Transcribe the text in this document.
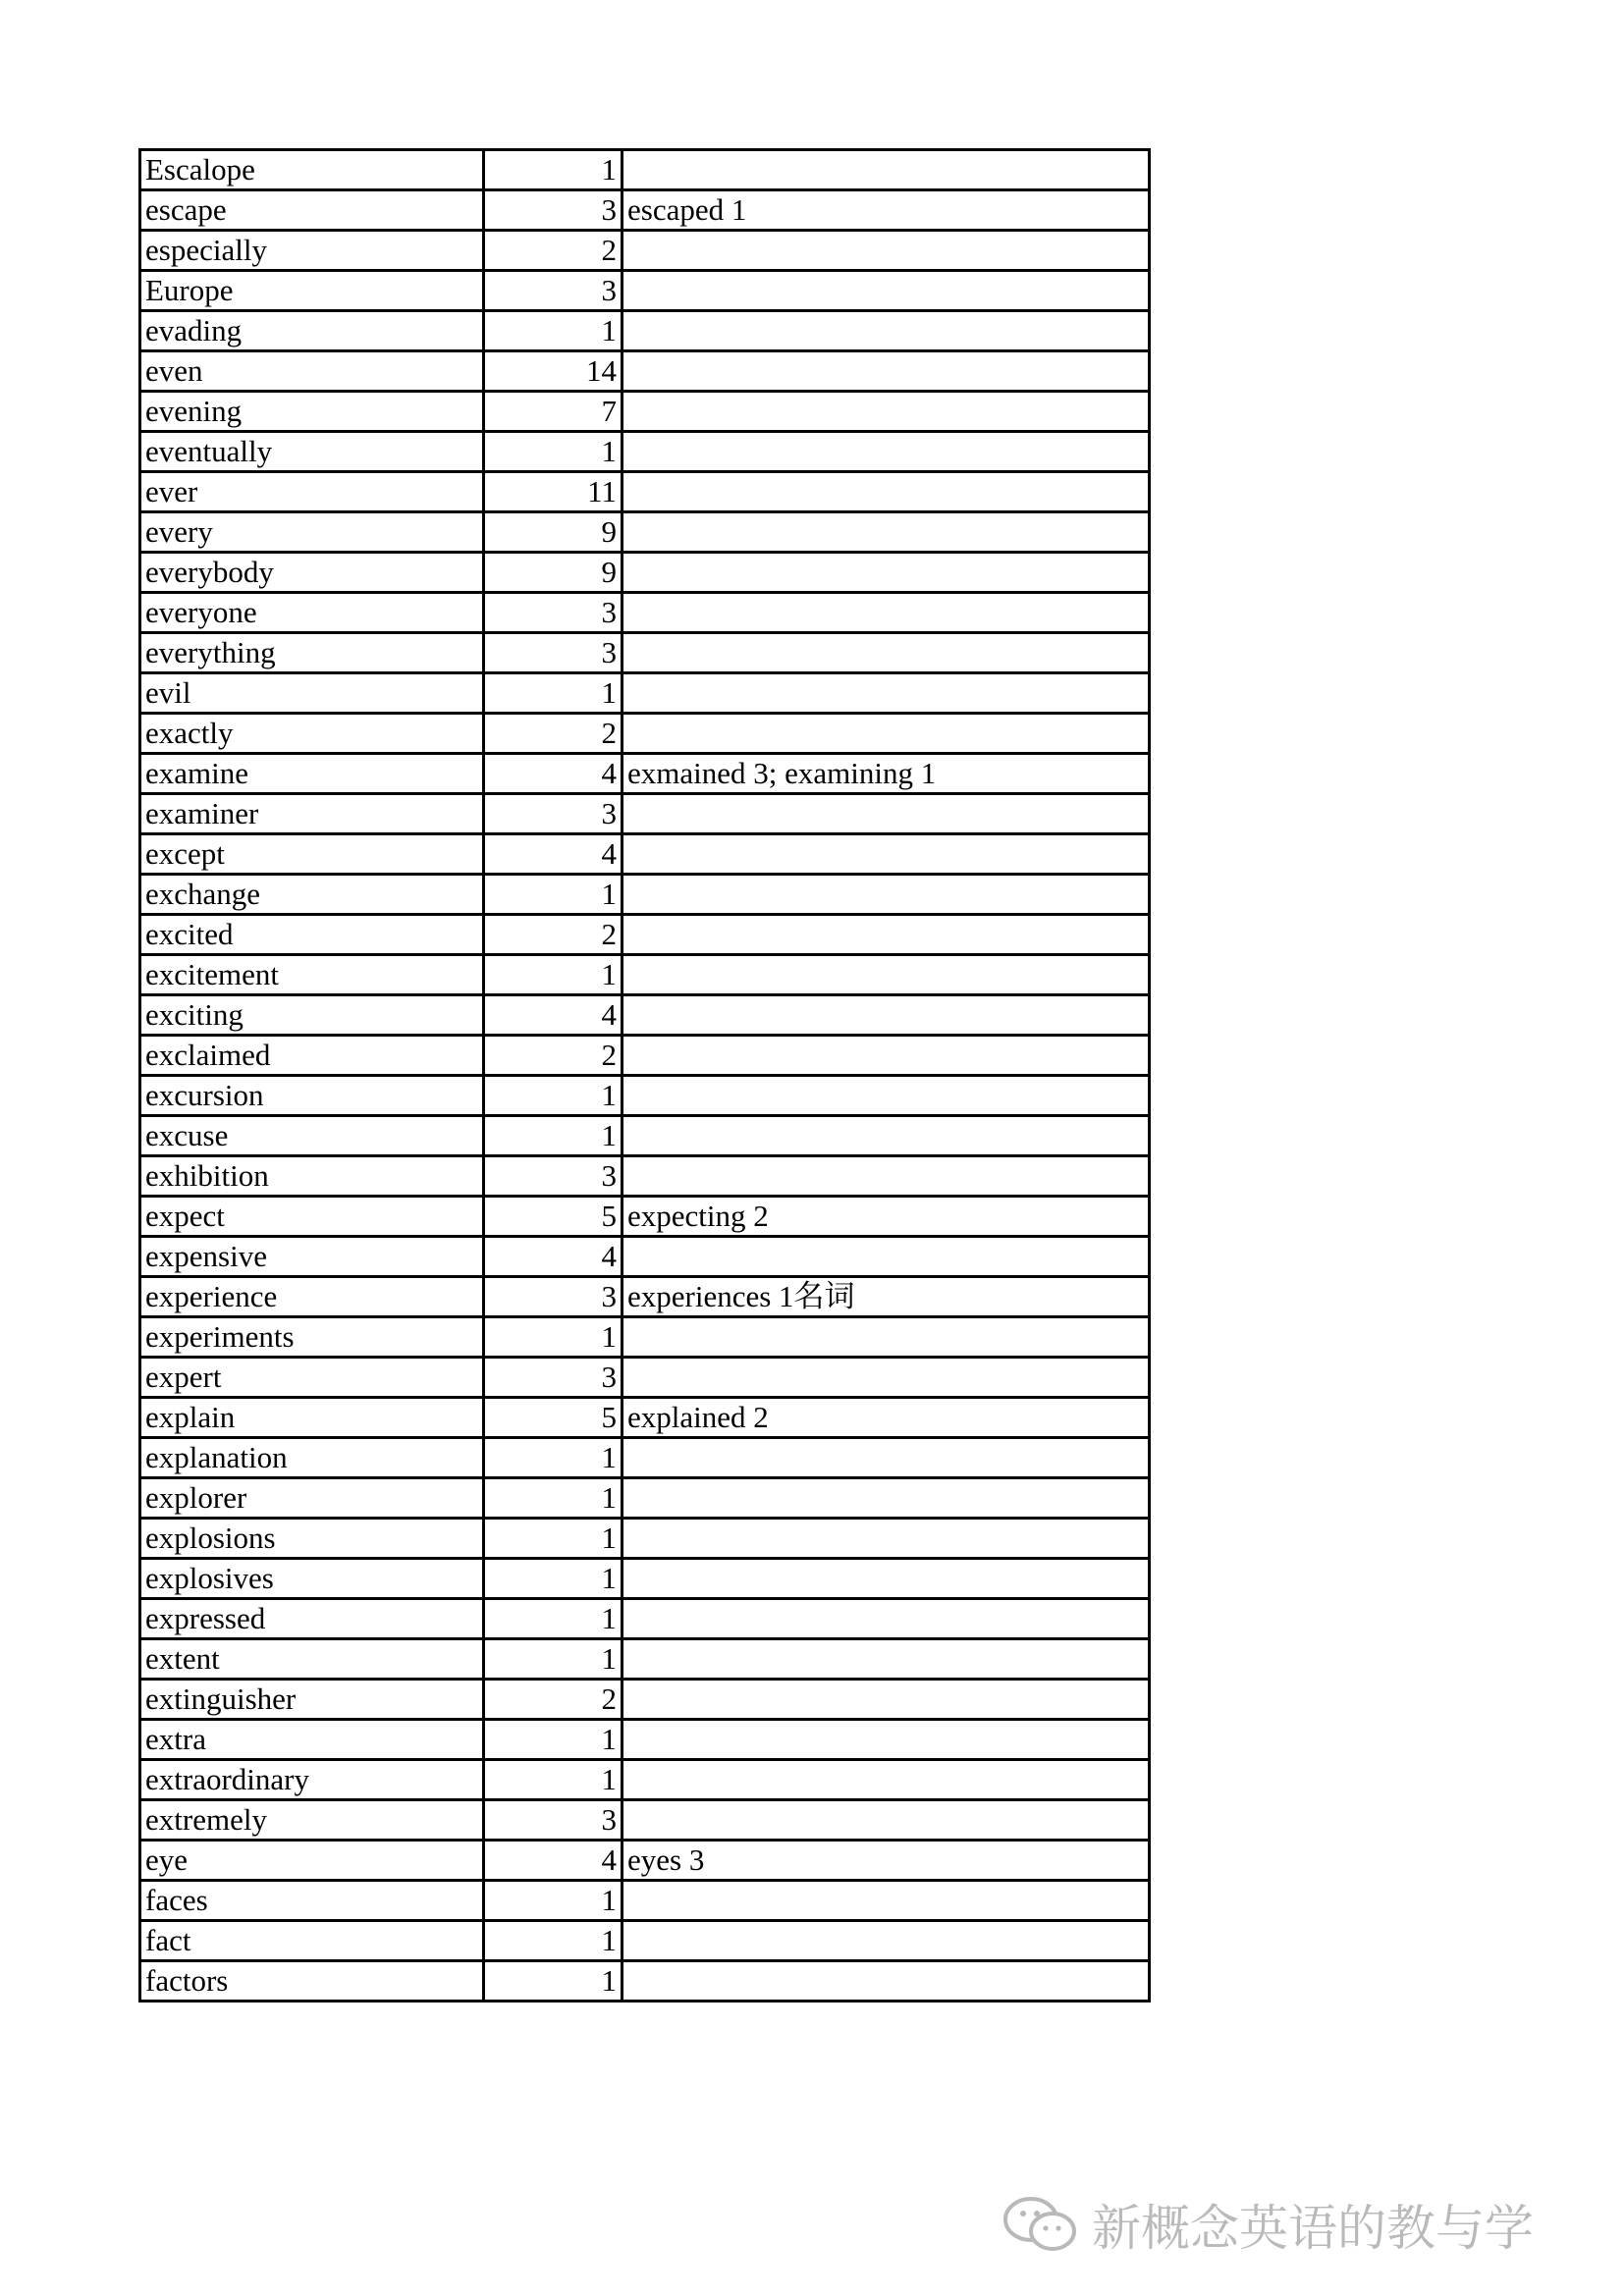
Escalope	1	
escape	3	escaped 1
especially	2	
Europe	3	
evading	1	
even	14	
evening	7	
eventually	1	
ever	11	
every	9	
everybody	9	
everyone	3	
everything	3	
evil	1	
exactly	2	
examine	4	exmained 3; examining 1
examiner	3	
except	4	
exchange	1	
excited	2	
excitement	1	
exciting	4	
exclaimed	2	
excursion	1	
excuse	1	
exhibition	3	
expect	5	expecting 2
expensive	4	
experience	3	experiences 1名词
experiments	1	
expert	3	
explain	5	explained 2
explanation	1	
explorer	1	
explosions	1	
explosives	1	
expressed	1	
extent	1	
extinguisher	2	
extra	1	
extraordinary	1	
extremely	3	
eye	4	eyes 3
faces	1	
fact	1	
factors	1	
新概念英语的教与学
